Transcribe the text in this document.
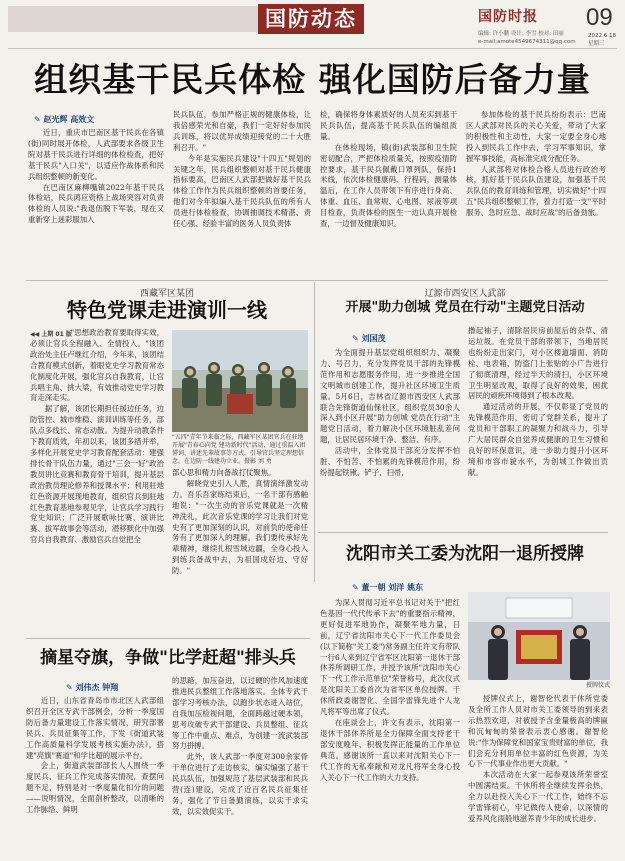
国防动态	国防时报
编辑: 许小鹏 设计: 李雪 校对: 田丽
e-mail:amote4549674311@qq.com
09
2022.6.18
星期三
组织基干民兵体检 强化国防后备力量
✎ 赵光辉 高效文

近日，重庆市巴南区基干民兵在各镇(街)同时展开体检，人武部要求各级卫生院对基干民兵进行详细的体检检查，把好基干民兵"入口关"，以适应作战体系和民兵组织整顿的新变化。

在巴南区麻柳嘴镇2022年基干民兵体检站，民兵鸿应资格上战场突容对负责体检的人员说:"我退伍脱下军装，现在又重新穿上迷彩服加入

民兵队伍，参加严格正规的健康体检，让我倍感荣光和自豪，我们一定好好参加民兵训练，将以优异成绩迎接党的二十大胜利召开。"

今年是实施民兵建设"十四五"规划的关键之年，民兵组织整顿对基干民兵健康指标要高，巴南区人武部把做好基干民兵体检工作作为民兵组织整顿的首要任务，他们对今年拟编入基干民兵队伍的所有人员进行体检检查，协调抽调技术精湛、责任心强、经验丰富的医务人员负责体

检，确保将身体素质好的人员充实到基干民兵队伍，提高基干民兵队伍的编组质量。

在体检现场，镇(街)武装部和卫生院密切配合，严把体检质量关，按照疫情防控要求，基干民兵佩戴口罩列队，保持1米线，依次体检健康码、行程码，测量体温后，在工作人员带领下有序进行身高、体重、血压、血常规、心电图、尿液等项目检查，负责体检的医生一边认真开展检查，一边督及健康知识。

参加体检的基干民兵纷纷表示：巴南区人武部对民兵的关心关爱，带动了大家的积极性和主动性，大家一定要全身心地投入到民兵工作中去，学习军事知识，掌握军事技能，高标准完成分配任务。

人武部将对体检合格人员进行政治考核，抓好基干民兵队伍建设，加强基干民兵队伍的教育训练和管理，切实做好"十四五"民兵组织整顿工作，着力打造一支"平时服务、急时应急、战时应战"的后备劲旅。

西藏军区某团
特色党课走进演训一线
◀◀ 上期 01 版

"思想政治教育要取得实效，必须让官兵全程融入、全情投入。"该团政治处主任卢继红介绍，今年来，该团结合教育模式创新，着眼党史学习教育常态化制度化开展，强化官兵自我教育，让官兵唱主角、挑大梁，有效推动党史学习教育走深走实。

据了解，该团长期担任援边任务，边防管控、城市维稳、演训训练等任务，部队点多线长、常态动散。为提升动教条件下教育质效，年初以来，该团多措并举，多样化开展党史学习教育配套活动：建强排长骨干队伍力量，通过"三会一好"政治教员讲比竞赛和教育骨干培训，提升基层政治教员理论修养和授课水平；利用驻地红色资源开展现地教育，组织官兵到驻地红色教育基地参观见学，让官兵学习践行党史知识；广泛开展歌咏比赛、演讲比赛、拔军故事会等活动，潜移默化中加强官兵自我教育、激励官兵自觉把全

"五四"青年节来临之际，西藏军区某团官兵在驻地开展"青春心向党 建功新时代"活动，通过重温入团誓词、讲述先辈故事等方式，引导官兵坚定理想信念，在边防一线建功立业。摄影 刘 勇

部心思和精力向备战打仗聚焦。

解晓党史引入人胜，真情演绎激发动力。吾乐吾家练结束后，一名干部有感触地说："一次生动的音乐党课就是一次精神洗礼，此次音乐党课的学习让我们对党史有了更加深刻的认识，对前负的使命任务有了更加深入的理解。我们要传承好先辈精神，继续扎根雪域边疆，全身心投入到练兵备战中去，为祖国戍好边、守好防。"

辽源市西安区人武部
开展"助力创城 党员在行动"主题党日活动
✎ 刘国茂

为全面提升基层党组织组织力、凝聚力、号召力，充分发挥党员干部的先锋模范作用和志愿服务作用，进一步推进全国文明城市创建工作，提升社区环境卫生质量。5月6日，吉林省辽源市西安区人武部联合先锋街道仙保社区，组织党员30余人深入到小区开展"助力创城 党员在行动"主题党日活动，着力解决小区环境脏乱差问题，让居民居环境干净、整洁、有序。

活动中，全体党员干部充分发挥不怕脏、不怕苦、不怕累的先锋模范作用，纷纷提起铁锹、铲子、扫帚，

撸起袖子，清除居民房前屋后的杂草、清运垃圾。在党员干部的带领下，当地居民也纷纷走出家门，对小区楼道墙面、消防栓、电表箱、防盗门上张贴的小广告进行了彻底清理，经过半天的清扫，小区环境卫生明显改观，取得了良好的效果，困扰居民的顽疾环境得到了根本改观。

通过活动的开展，不仅彰显了党员的先锋模范作用，密切了党群关系，提升了党员和干部职工的凝聚力和战斗力，引导广大居民群众自觉养成健康的卫生习惯和良好的环保意识，进一步助力提升小区环境和市容市貌水平，为创城工作做出贡献。

摘星夺旗，争做"比学赶超"排头兵
✎ 刘伟杰 钟翔

近日，山东省青岛市市北区人武部组织召开全区专武干部例会，分析一季度国防后备力量建设工作落实情况，研究部署民兵、兵员征集等工作，下发《街道武装工作高质量科学发展考核实施办法》，搭建"亮旗"赛道"和学比超的展示平台。

会上，街道武装部部长人人围绕一季度民兵、征兵工作完成落实情况，查摆问题不足，特别是对一季度量化扣分的问题——说明情况，全面剖析整改，以清晰的工作脉络、鲜明

的思路，加压奋进，以过硬的作风加速度推进民兵整组工作落地落实。全体专武干部学习考核办法，以跑步状态进入站位，自我加压检视问题，全面跨越过硬本领，思考攻破专武干部建设、兵员整组、征兵等工作中重点、难点，为创建一流武装部努力拼搏。

此外，该人武部一季度对300余家骨干单位进行了走访核实，编实编强了基干民兵队伍，加强规范了基层武装部和民兵营(连)建设，完成了近百名民兵征集任务，强化了节日备勤演练，以实干求实效，以实效促实干。

沈阳市关工委为沈阳一退所授牌
✎ 董一朝 刘洋 姚东

为深入贯彻习近平总书记对关于"把红色基因一代代传承下去"的重要指示精神，更好促进军地协作，凝聚军地力量，日前，辽宁省沈阳市关心下一代工作委员会(以下简称"关工委")常务副主任许文有带队一行6人来到辽宁省军区沈阳第一退休干部休养所调研工作，并授予该所"沈阳市关心下一代工作示范单位"荣誉称号，此次仪式是沈阳关工委首次为省军区单位授牌。干休所政委谢智化、全国学雷锋先进个人龙凡将军等出席了仪式。

在座谈会上，许文有表示，沈阳第一退休干部休养所是全力保障全面支持老干部安度晚年、积极发挥正能量的工作单位典范。感谢该所一直以来对沈阳关心下一代工作的无私奉献和对龙凡将军全身心投入关心下一代工作的大力支持。

授牌仪式

授牌仪式上，谢智伦代表干休所党委及全所工作人员对市关工委领导的到来表示热烈欢迎，对被授予含金量极高的牌匾和沉甸甸的荣誉表示衷心感谢。谢智伦说:"作为保障党和国家宝贵财富的单位，我们会充分利用单位丰富的红色资源，为关心下一代事业作出更大贡献。"

本次活动在大家一起参观该所荣誉室中圆满结束。干休所将全继续发挥余热，全力以赴投入关心下一代工作，始终不忘学雷锋初心，牢记做传人使命，以深情的爱养风化雨般地滋养青少年的成长进步。
